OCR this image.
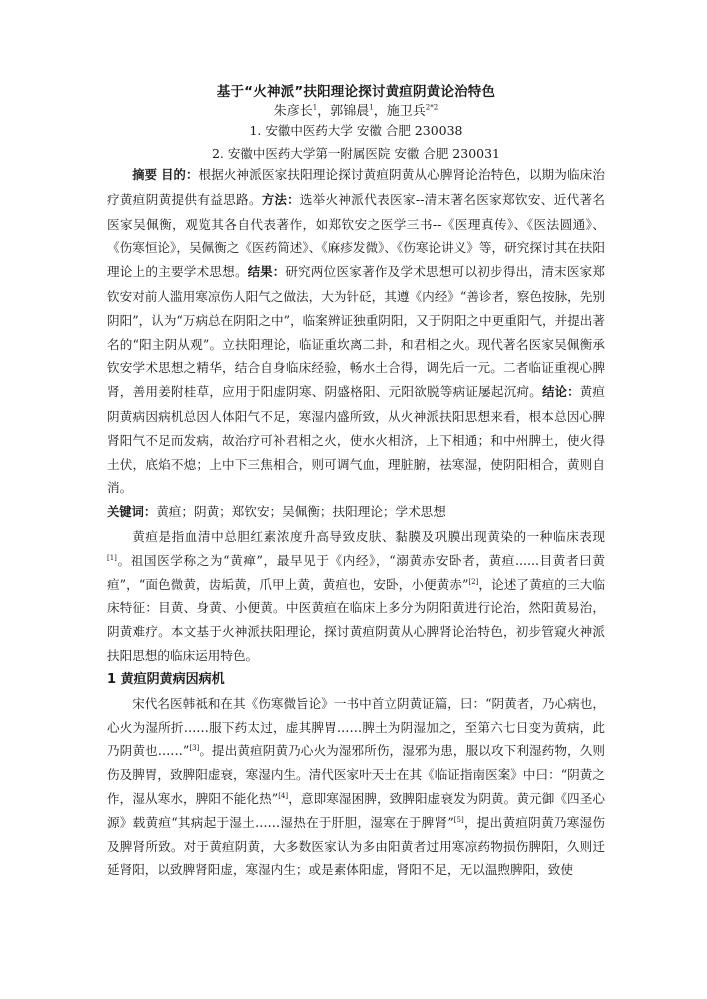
基于“火神派”扶阳理论探讨黄疸阴黄论治特色

朱彦长$^1$，郭锦晨$^1$，施卫兵$^{2*2}$

1. 安徽中医药大学 安徽 合肥 230038

2. 安徽中医药大学第一附属医院 安徽 合肥 230031

摘要 目的：根据火神派医家扶阳理论探讨黄疸阴黄从心脾肾论治特色，以期为临床治疗黄疸阴黄提供有益思路。方法：选举火神派代表医家--清末著名医家郑钦安、近代著名医家吴佩衡，观览其各自代表著作，如郑钦安之医学三书--《医理真传》、《医法圆通》、《伤寒恒论》，吴佩衡之《医药简述》、《麻疹发微》、《伤寒论讲义》等，研究探讨其在扶阳理论上的主要学术思想。结果：研究两位医家著作及学术思想可以初步得出，清末医家郑钦安对前人滥用寒凉伤人阳气之做法，大为针砭，其遵《内经》“善诊者，察色按脉，先别阴阳”，认为“万病总在阴阳之中”，临案辨证独重阴阳，又于阴阳之中更重阳气，并提出著名的“阳主阴从观”。立扶阳理论，临证重坎离二卦，和君相之火。现代著名医家吴佩衡承钦安学术思想之精华，结合自身临床经验，畅水土合得，调先后一元。二者临证重视心脾肾，善用姜附桂草，应用于阳虚阴寒、阴盛格阳、元阳欲脱等病证屡起沉疴。结论：黄疸阴黄病因病机总因人体阳气不足，寒湿内盛所致，从火神派扶阳思想来看，根本总因心脾肾阳气不足而发病，故治疗可补君相之火，使水火相济，上下相通；和中州脾土，使火得土伏，底焰不熄；上中下三焦相合，则可调气血，理脏腑，祛寒湿，使阴阳相合，黄则自消。

关键词：黄疸；阴黄；郑钦安；吴佩衡；扶阳理论；学术思想

黄疸是指血清中总胆红素浓度升高导致皮肤、黏膜及巩膜出现黄染的一种临床表现[1]。祖国医学称之为“黄瘅”，最早见于《内经》，“溺黄赤安卧者，黄疸......目黄者曰黄疸”，“面色微黄，齿垢黄，爪甲上黄，黄疸也，安卧，小便黄赤”[2]，论述了黄疸的三大临床特征：目黄、身黄、小便黄。中医黄疸在临床上多分为阴阳黄进行论治，然阳黄易治，阴黄难疗。本文基于火神派扶阳理论，探讨黄疸阴黄从心脾肾论治特色，初步管窥火神派扶阳思想的临床运用特色。

1 黄疸阴黄病因病机

宋代名医韩祗和在其《伤寒微旨论》一书中首立阴黄证篇，曰：“阴黄者，乃心病也，心火为湿所折……服下药太过，虚其脾胃……脾土为阴湿加之，至第六七日变为黄病，此乃阴黄也……”[3]。提出黄疸阴黄乃心火为湿邪所伤，湿邪为患，服以攻下利湿药物，久则伤及脾胃，致脾阳虚衰，寒湿内生。清代医家叶天士在其《临证指南医案》中曰：“阴黄之作，湿从寒水，脾阳不能化热”[4]，意即寒湿困脾，致脾阳虚衰发为阴黄。黄元御《四圣心源》载黄疸“其病起于湿土……湿热在于肝胆，湿寒在于脾肾”[5]，提出黄疸阴黄乃寒湿伤及脾肾所致。对于黄疸阴黄，大多数医家认为多由阳黄者过用寒凉药物损伤脾阳，久则迁延肾阳，以致脾肾阳虚，寒湿内生；或是素体阳虚，肾阳不足，无以温煦脾阳，致使
